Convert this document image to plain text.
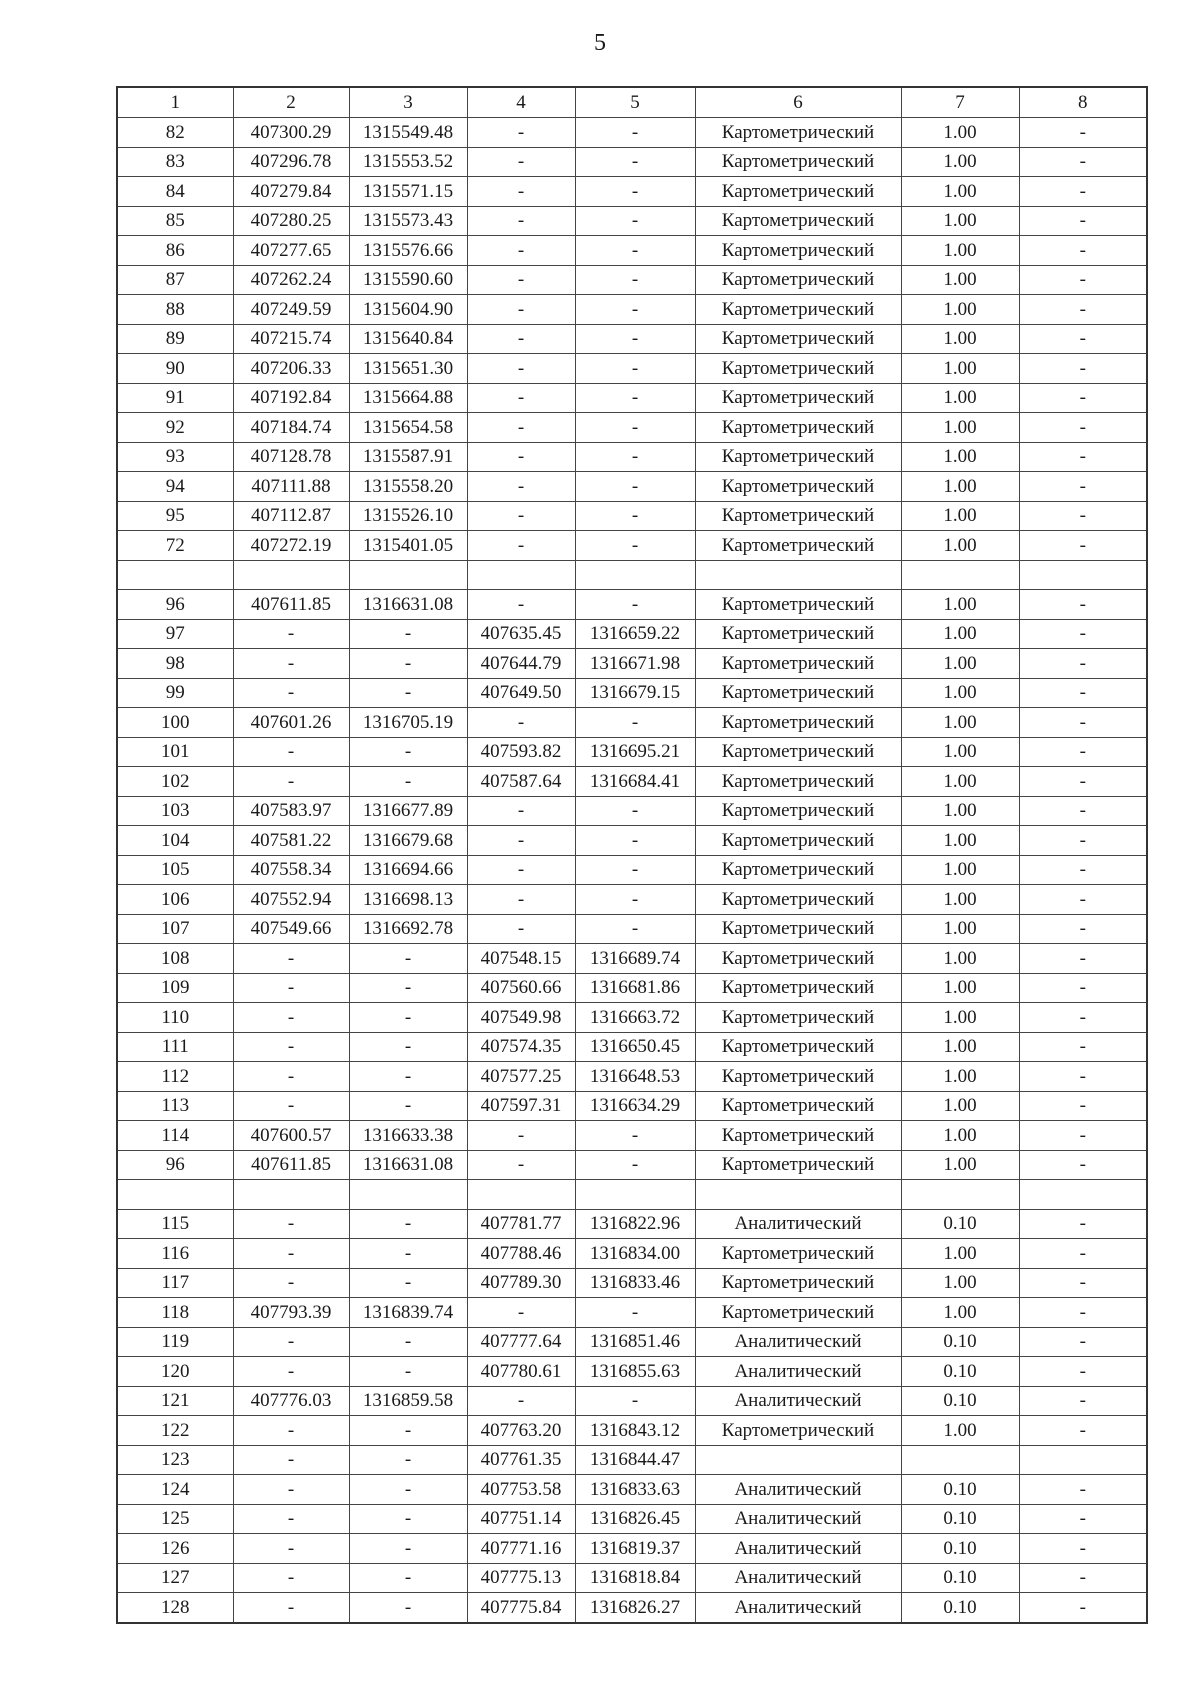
5
1	2	3	4	5	6	7	8
82	407300.29	1315549.48	-	-	Картометрический	1.00	-
83	407296.78	1315553.52	-	-	Картометрический	1.00	-
84	407279.84	1315571.15	-	-	Картометрический	1.00	-
85	407280.25	1315573.43	-	-	Картометрический	1.00	-
86	407277.65	1315576.66	-	-	Картометрический	1.00	-
87	407262.24	1315590.60	-	-	Картометрический	1.00	-
88	407249.59	1315604.90	-	-	Картометрический	1.00	-
89	407215.74	1315640.84	-	-	Картометрический	1.00	-
90	407206.33	1315651.30	-	-	Картометрический	1.00	-
91	407192.84	1315664.88	-	-	Картометрический	1.00	-
92	407184.74	1315654.58	-	-	Картометрический	1.00	-
93	407128.78	1315587.91	-	-	Картометрический	1.00	-
94	407111.88	1315558.20	-	-	Картометрический	1.00	-
95	407112.87	1315526.10	-	-	Картометрический	1.00	-
72	407272.19	1315401.05	-	-	Картометрический	1.00	-

96	407611.85	1316631.08	-	-	Картометрический	1.00	-
97	-	-	407635.45	1316659.22	Картометрический	1.00	-
98	-	-	407644.79	1316671.98	Картометрический	1.00	-
99	-	-	407649.50	1316679.15	Картометрический	1.00	-
100	407601.26	1316705.19	-	-	Картометрический	1.00	-
101	-	-	407593.82	1316695.21	Картометрический	1.00	-
102	-	-	407587.64	1316684.41	Картометрический	1.00	-
103	407583.97	1316677.89	-	-	Картометрический	1.00	-
104	407581.22	1316679.68	-	-	Картометрический	1.00	-
105	407558.34	1316694.66	-	-	Картометрический	1.00	-
106	407552.94	1316698.13	-	-	Картометрический	1.00	-
107	407549.66	1316692.78	-	-	Картометрический	1.00	-
108	-	-	407548.15	1316689.74	Картометрический	1.00	-
109	-	-	407560.66	1316681.86	Картометрический	1.00	-
110	-	-	407549.98	1316663.72	Картометрический	1.00	-
111	-	-	407574.35	1316650.45	Картометрический	1.00	-
112	-	-	407577.25	1316648.53	Картометрический	1.00	-
113	-	-	407597.31	1316634.29	Картометрический	1.00	-
114	407600.57	1316633.38	-	-	Картометрический	1.00	-
96	407611.85	1316631.08	-	-	Картометрический	1.00	-

115	-	-	407781.77	1316822.96	Аналитический	0.10	-
116	-	-	407788.46	1316834.00	Картометрический	1.00	-
117	-	-	407789.30	1316833.46	Картометрический	1.00	-
118	407793.39	1316839.74	-	-	Картометрический	1.00	-
119	-	-	407777.64	1316851.46	Аналитический	0.10	-
120	-	-	407780.61	1316855.63	Аналитический	0.10	-
121	407776.03	1316859.58	-	-	Аналитический	0.10	-
122	-	-	407763.20	1316843.12	Картометрический	1.00	-
123	-	-	407761.35	1316844.47			
124	-	-	407753.58	1316833.63	Аналитический	0.10	-
125	-	-	407751.14	1316826.45	Аналитический	0.10	-
126	-	-	407771.16	1316819.37	Аналитический	0.10	-
127	-	-	407775.13	1316818.84	Аналитический	0.10	-
128	-	-	407775.84	1316826.27	Аналитический	0.10	-
